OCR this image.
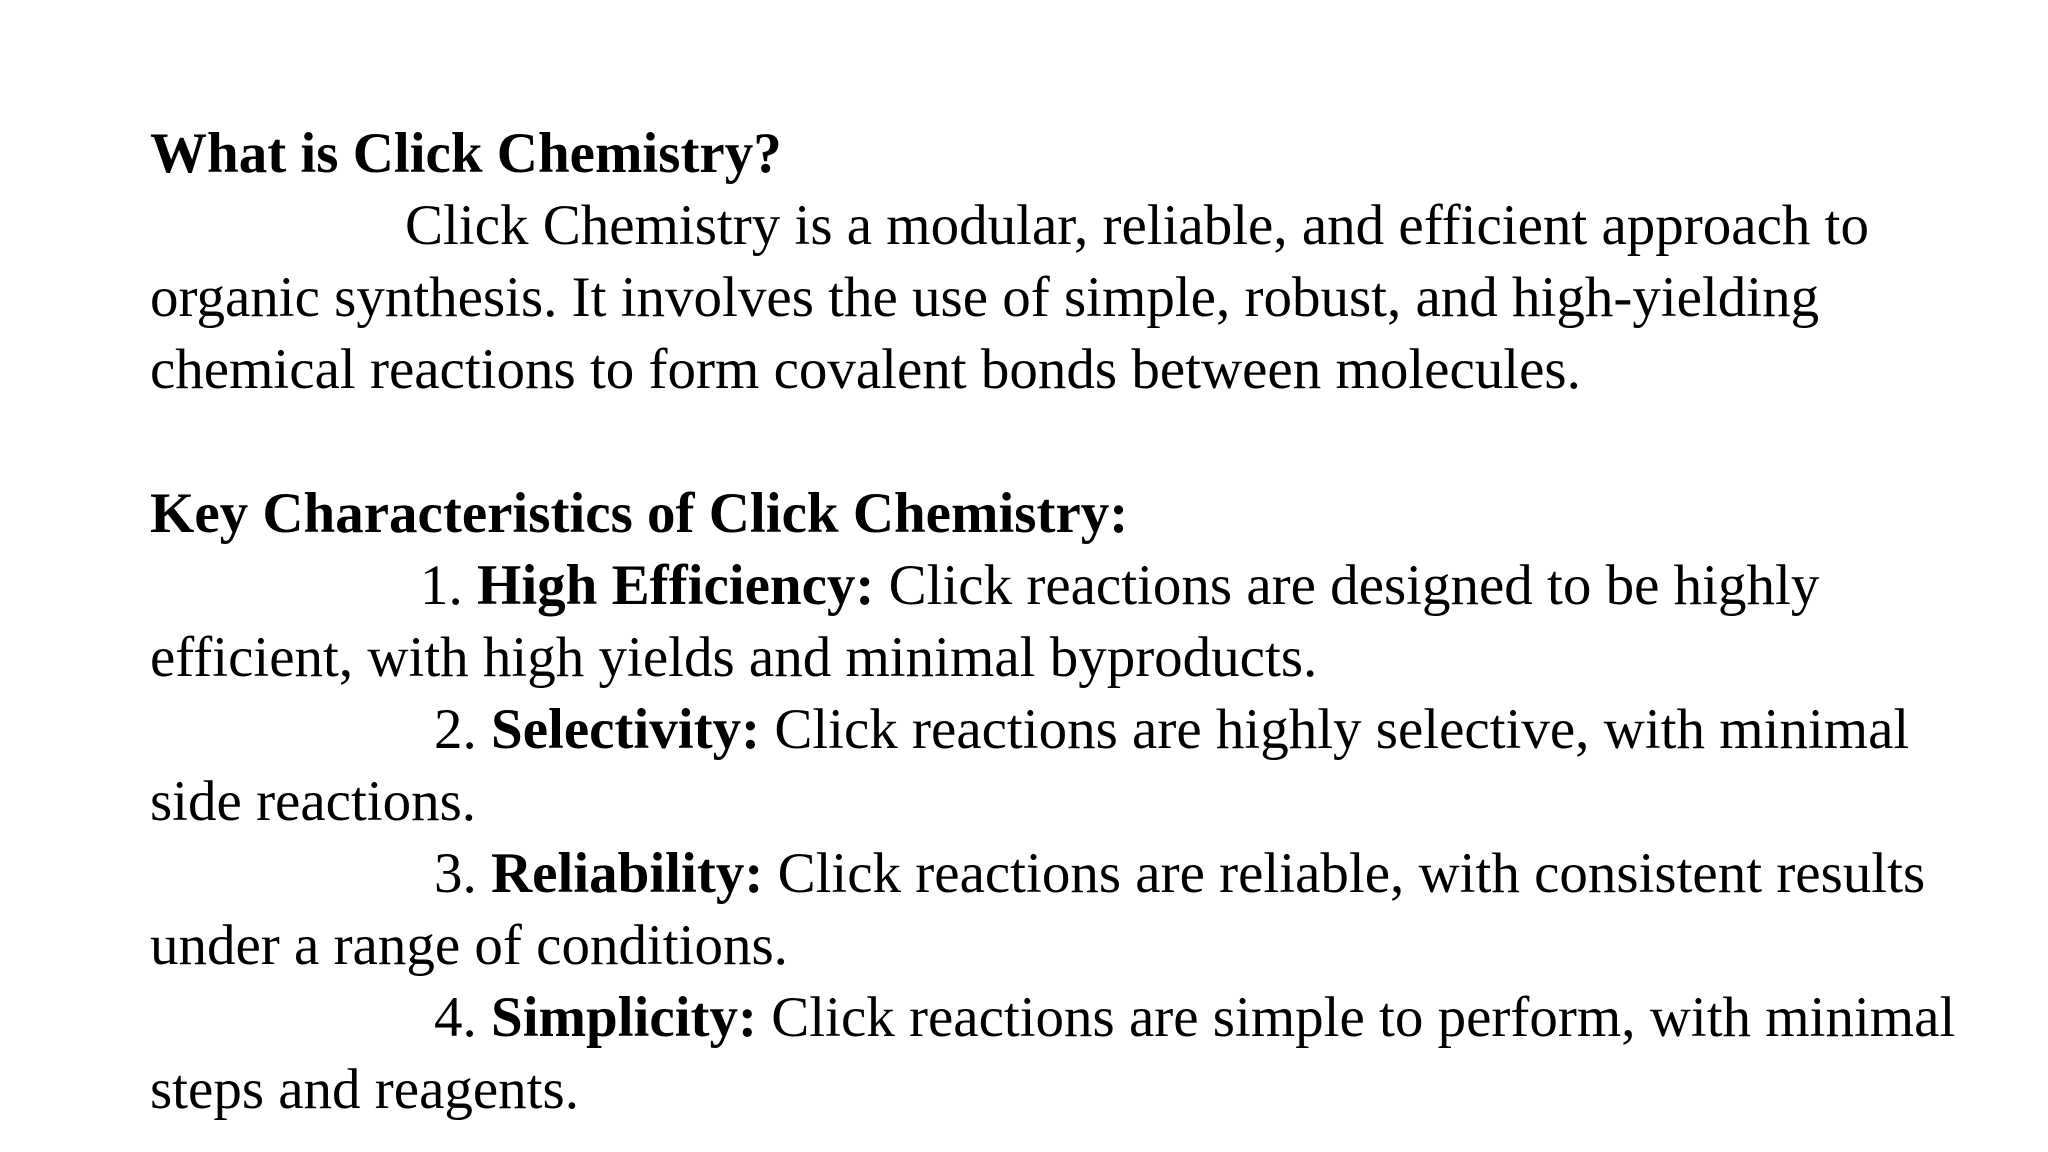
What is Click Chemistry?

Click Chemistry is a modular, reliable, and efficient approach to organic synthesis. It involves the use of simple, robust, and high-yielding chemical reactions to form covalent bonds between molecules.

Key Characteristics of Click Chemistry:

1. High Efficiency: Click reactions are designed to be highly efficient, with high yields and minimal byproducts.

2. Selectivity: Click reactions are highly selective, with minimal side reactions.

3. Reliability: Click reactions are reliable, with consistent results under a range of conditions.

4. Simplicity: Click reactions are simple to perform, with minimal steps and reagents.
